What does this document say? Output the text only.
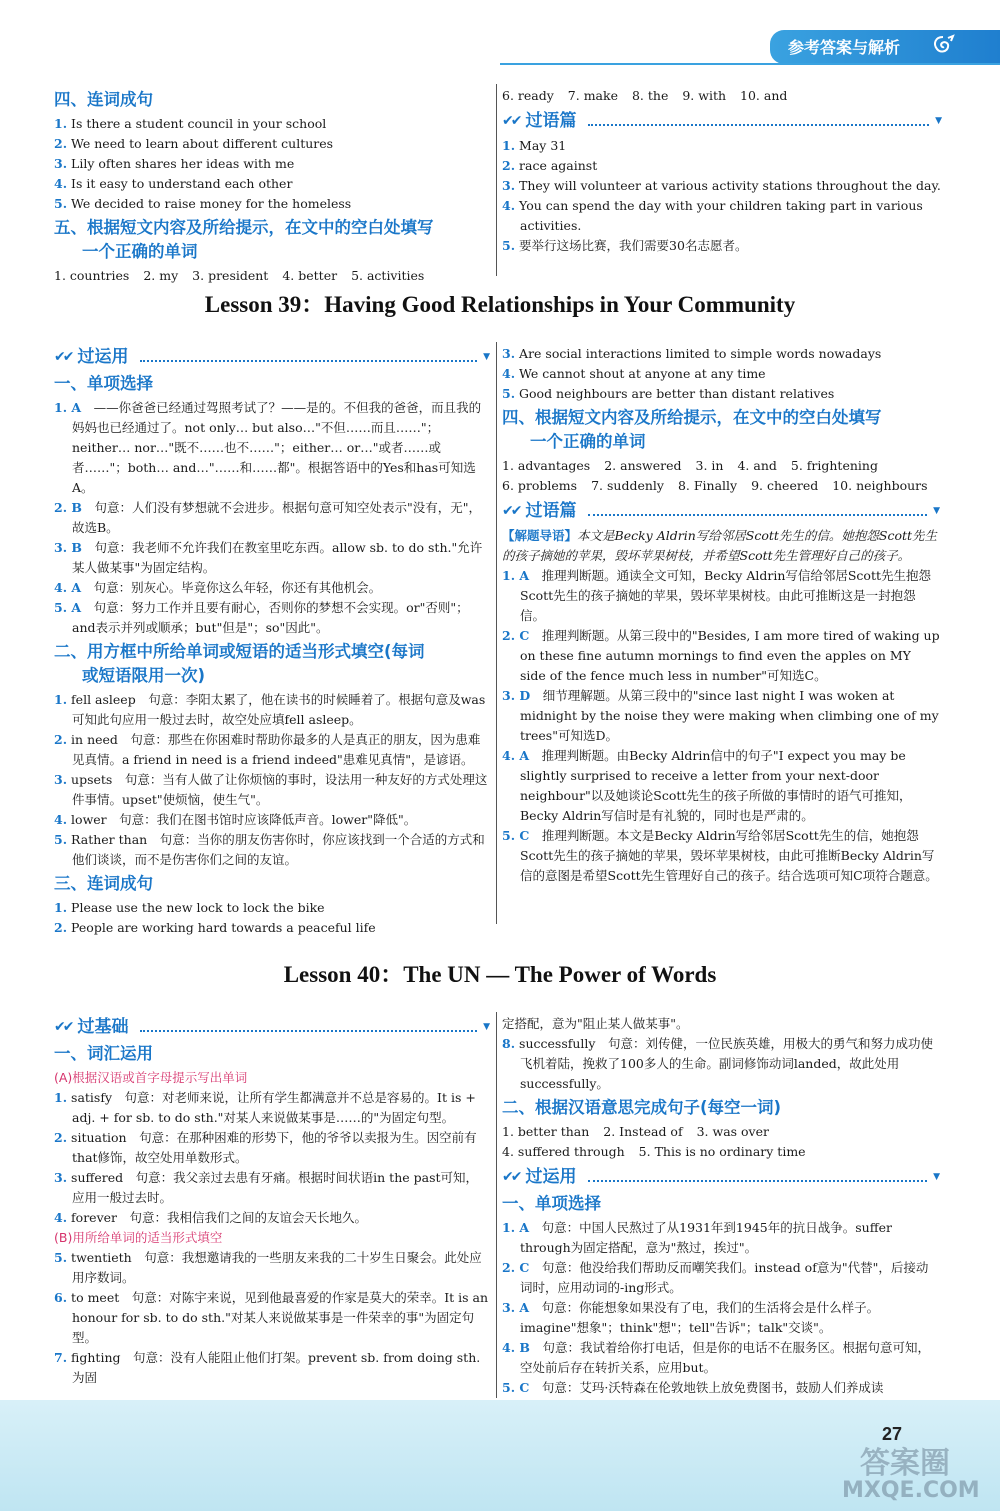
参考答案与解析
四、连词成句
1. Is there a student council in your school
2. We need to learn about different cultures
3. Lily often shares her ideas with me
4. Is it easy to understand each other
5. We decided to raise money for the homeless
五、根据短文内容及所给提示，在文中的空白处填写
一个正确的单词
1. countries 2. my 3. president 4. better 5. activities
6. ready 7. make 8. the 9. with 10. and
✔✔ 过语篇	▼
1. May 31
2. race against
3. They will volunteer at various activity stations throughout the day.
4. You can spend the day with your children taking part in various activities.
5. 要举行这场比赛，我们需要30名志愿者。
Lesson 39：Having Good Relationships in Your Community
✔✔ 过运用	▼
一、单项选择
1. A　 ——你爸爸已经通过驾照考试了？——是的。不但我的爸爸，而且我的妈妈也已经通过了。not only… but also…"不但……而且……"；neither… nor…"既不……也不……"；either… or…"或者……或者……"；both… and…"……和……都"。根据答语中的Yes和has可知选A。
2. B　 句意：人们没有梦想就不会进步。根据句意可知空处表示"没有，无"，故选B。
3. B　 句意：我老师不允许我们在教室里吃东西。allow sb. to do sth."允许某人做某事"为固定结构。
4. A　 句意：别灰心。毕竟你这么年轻，你还有其他机会。
5. A　 句意：努力工作并且要有耐心，否则你的梦想不会实现。or"否则"；and表示并列或顺承；but"但是"；so"因此"。
二、用方框中所给单词或短语的适当形式填空(每词
或短语限用一次)
1. fell asleep　句意：李阳太累了，他在读书的时候睡着了。根据句意及was可知此句应用一般过去时，故空处应填fell asleep。
2. in need　句意：那些在你困难时帮助你最多的人是真正的朋友，因为患难见真情。a friend in need is a friend indeed"患难见真情"，是谚语。
3. upsets　句意：当有人做了让你烦恼的事时，设法用一种友好的方式处理这件事情。upset"使烦恼，使生气"。
4. lower　句意：我们在图书馆时应该降低声音。lower"降低"。
5. Rather than　句意：当你的朋友伤害你时，你应该找到一个合适的方式和他们谈谈，而不是伤害你们之间的友谊。
三、连词成句
1. Please use the new lock to lock the bike
2. People are working hard towards a peaceful life
3. Are social interactions limited to simple words nowadays
4. We cannot shout at anyone at any time
5. Good neighbours are better than distant relatives
四、根据短文内容及所给提示，在文中的空白处填写
一个正确的单词
1. advantages 2. answered 3. in 4. and 5. frightening
6. problems 7. suddenly 8. Finally 9. cheered 10. neighbours
✔✔ 过语篇	▼
【解题导语】本文是Becky Aldrin写给邻居Scott先生的信。她抱怨Scott先生的孩子摘她的苹果，毁坏苹果树枝，并希望Scott先生管理好自己的孩子。
1. A　 推理判断题。通读全文可知，Becky Aldrin写信给邻居Scott先生抱怨Scott先生的孩子摘她的苹果，毁坏苹果树枝。由此可推断这是一封抱怨信。
2. C　 推理判断题。从第三段中的"Besides, I am more tired of waking up on these fine autumn mornings to find even the apples on MY side of the fence much less in number"可知选C。
3. D　 细节理解题。从第三段中的"since last night I was woken at midnight by the noise they were making when climbing one of my trees"可知选D。
4. A　 推理判断题。由Becky Aldrin信中的句子"I expect you may be slightly surprised to receive a letter from your next-door neighbour"以及她谈论Scott先生的孩子所做的事情时的语气可推知，Becky Aldrin写信时是有礼貌的，同时也是严肃的。
5. C　 推理判断题。本文是Becky Aldrin写给邻居Scott先生的信，她抱怨Scott先生的孩子摘她的苹果，毁坏苹果树枝，由此可推断Becky Aldrin写信的意图是希望Scott先生管理好自己的孩子。结合选项可知C项符合题意。
Lesson 40：The UN — The Power of Words
✔✔ 过基础	▼
一、词汇运用
(A)根据汉语或首字母提示写出单词
1. satisfy　句意：对老师来说，让所有学生都满意并不总是容易的。It is + adj. + for sb. to do sth."对某人来说做某事是……的"为固定句型。
2. situation　句意：在那种困难的形势下，他的爷爷以卖报为生。因空前有that修饰，故空处用单数形式。
3. suffered　句意：我父亲过去患有牙痛。根据时间状语in the past可知，应用一般过去时。
4. forever　句意：我相信我们之间的友谊会天长地久。
(B)用所给单词的适当形式填空
5. twentieth　句意：我想邀请我的一些朋友来我的二十岁生日聚会。此处应用序数词。
6. to meet　句意：对陈宇来说，见到他最喜爱的作家是莫大的荣幸。It is an honour for sb. to do sth."对某人来说做某事是一件荣幸的事"为固定句型。
7. fighting　句意：没有人能阻止他们打架。prevent sb. from doing sth. 为固
定搭配，意为"阻止某人做某事"。
8. successfully　句意：刘传健，一位民族英雄，用极大的勇气和努力成功使飞机着陆，挽救了100多人的生命。副词修饰动词landed，故此处用successfully。
二、根据汉语意思完成句子(每空一词)
1. better than 2. Instead of 3. was over
4. suffered through 5. This is no ordinary time
✔✔ 过运用	▼
一、单项选择
1. A　 句意：中国人民熬过了从1931年到1945年的抗日战争。suffer through为固定搭配，意为"熬过，挨过"。
2. C　 句意：他没给我们帮助反而嘲笑我们。instead of意为"代替"，后接动词时，应用动词的-ing形式。
3. A　 句意：你能想象如果没有了电，我们的生活将会是什么样子。imagine"想象"；think"想"；tell"告诉"；talk"交谈"。
4. B　 句意：我试着给你打电话，但是你的电话不在服务区。根据句意可知，空处前后存在转折关系，应用but。
5. C　 句意：艾玛·沃特森在伦敦地铁上放免费图书，鼓励人们养成读
27
答案圈
MXQE.COM
